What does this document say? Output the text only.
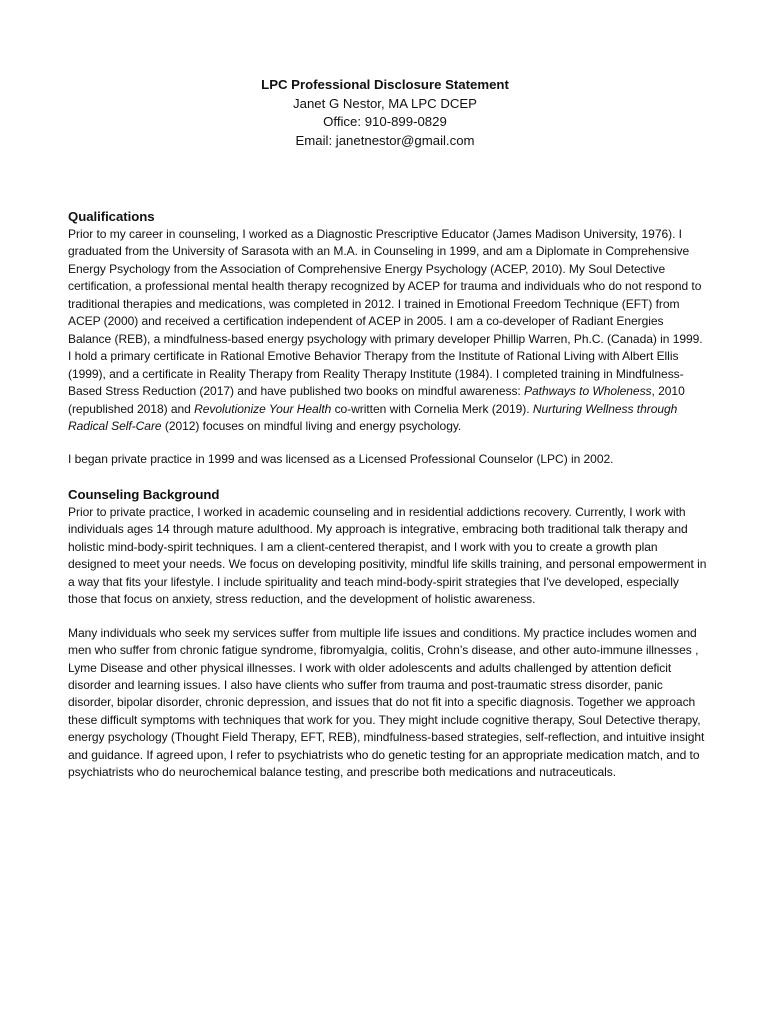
LPC Professional Disclosure Statement
Janet G Nestor, MA LPC DCEP
Office: 910-899-0829
Email: janetnestor@gmail.com
Qualifications

Prior to my career in counseling, I worked as a Diagnostic Prescriptive Educator (James Madison University, 1976). I graduated from the University of Sarasota with an M.A. in Counseling in 1999, and am a Diplomate in Comprehensive Energy Psychology from the Association of Comprehensive Energy Psychology (ACEP, 2010). My Soul Detective certification, a professional mental health therapy recognized by ACEP for trauma and individuals who do not respond to traditional therapies and medications, was completed in 2012. I trained in Emotional Freedom Technique (EFT) from ACEP (2000) and received a certification independent of ACEP in 2005. I am a co-developer of Radiant Energies Balance (REB), a mindfulness-based energy psychology with primary developer Phillip Warren, Ph.C. (Canada) in 1999. I hold a primary certificate in Rational Emotive Behavior Therapy from the Institute of Rational Living with Albert Ellis (1999), and a certificate in Reality Therapy from Reality Therapy Institute (1984). I completed training in Mindfulness-Based Stress Reduction (2017) and have published two books on mindful awareness: Pathways to Wholeness, 2010 (republished 2018) and Revolutionize Your Health co-written with Cornelia Merk (2019). Nurturing Wellness through Radical Self-Care (2012) focuses on mindful living and energy psychology.

I began private practice in 1999 and was licensed as a Licensed Professional Counselor (LPC) in 2002.

Counseling Background

Prior to private practice, I worked in academic counseling and in residential addictions recovery. Currently, I work with individuals ages 14 through mature adulthood. My approach is integrative, embracing both traditional talk therapy and holistic mind-body-spirit techniques. I am a client-centered therapist, and I work with you to create a growth plan designed to meet your needs. We focus on developing positivity, mindful life skills training, and personal empowerment in a way that fits your lifestyle. I include spirituality and teach mind-body-spirit strategies that I've developed, especially those that focus on anxiety, stress reduction, and the development of holistic awareness.

Many individuals who seek my services suffer from multiple life issues and conditions. My practice includes women and men who suffer from chronic fatigue syndrome, fibromyalgia, colitis, Crohn’s disease, and other auto-immune illnesses , Lyme Disease and other physical illnesses. I work with older adolescents and adults challenged by attention deficit disorder and learning issues. I also have clients who suffer from trauma and post-traumatic stress disorder, panic disorder, bipolar disorder, chronic depression, and issues that do not fit into a specific diagnosis. Together we approach these difficult symptoms with techniques that work for you. They might include cognitive therapy, Soul Detective therapy, energy psychology (Thought Field Therapy, EFT, REB), mindfulness-based strategies, self-reflection, and intuitive insight and guidance. If agreed upon, I refer to psychiatrists who do genetic testing for an appropriate medication match, and to psychiatrists who do neurochemical balance testing, and prescribe both medications and nutraceuticals.
